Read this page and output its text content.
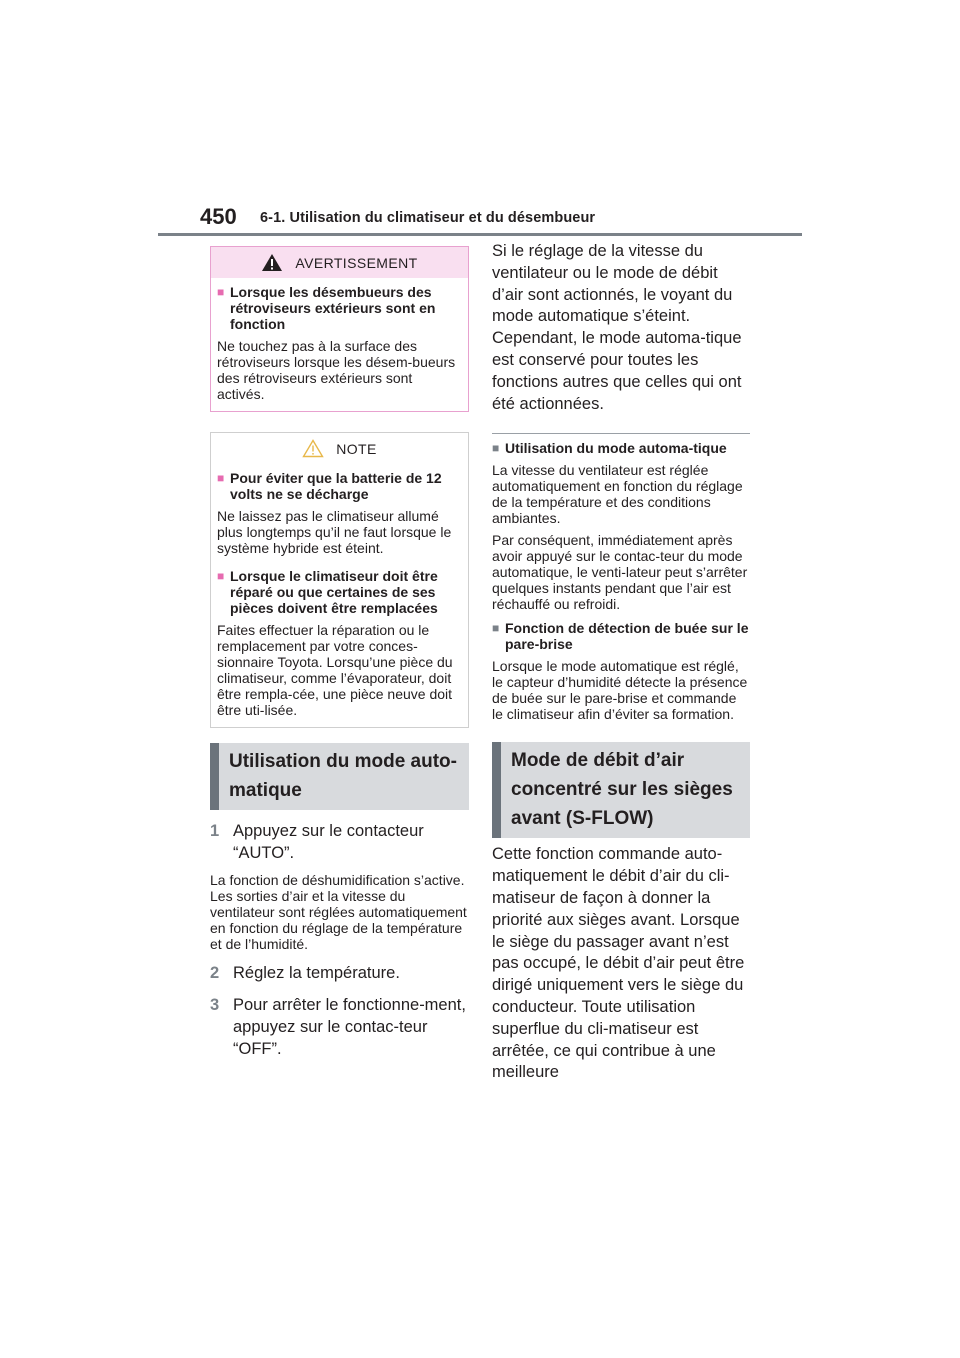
450 6-1. Utilisation du climatiseur et du désembueur
AVERTISSEMENT
■ Lorsque les désembueurs des rétroviseurs extérieurs sont en fonction
Ne touchez pas à la surface des rétroviseurs lorsque les désem-bueurs des rétroviseurs extérieurs sont activés.
NOTE
■ Pour éviter que la batterie de 12 volts ne se décharge
Ne laissez pas le climatiseur allumé plus longtemps qu’il ne faut lorsque le système hybride est éteint.
■ Lorsque le climatiseur doit être réparé ou que certaines de ses pièces doivent être remplacées
Faites effectuer la réparation ou le remplacement par votre conces-sionnaire Toyota. Lorsqu’une pièce du climatiseur, comme l’évaporateur, doit être rempla-cée, une pièce neuve doit être uti-lisée.
Utilisation du mode auto-matique
1 Appuyez sur le contacteur “AUTO”.
La fonction de déshumidification s’active. Les sorties d’air et la vitesse du ventilateur sont réglées automatiquement en fonction du réglage de la température et de l’humidité.
2 Réglez la température.
3 Pour arrêter le fonctionne-ment, appuyez sur le contac-teur “OFF”.
Si le réglage de la vitesse du ventilateur ou le mode de débit d’air sont actionnés, le voyant du mode automatique s’éteint. Cependant, le mode automa-tique est conservé pour toutes les fonctions autres que celles qui ont été actionnées.
■ Utilisation du mode automa-tique
La vitesse du ventilateur est réglée automatiquement en fonction du réglage de la température et des conditions ambiantes.
Par conséquent, immédiatement après avoir appuyé sur le contac-teur du mode automatique, le venti-lateur peut s’arrêter quelques instants pendant que l’air est réchauffé ou refroidi.
■ Fonction de détection de buée sur le pare-brise
Lorsque le mode automatique est réglé, le capteur d’humidité détecte la présence de buée sur le pare-brise et commande le climatiseur afin d’éviter sa formation.
Mode de débit d’air concentré sur les sièges avant (S-FLOW)
Cette fonction commande auto-matiquement le débit d’air du cli-matiseur de façon à donner la priorité aux sièges avant. Lorsque le siège du passager avant n’est pas occupé, le débit d’air peut être dirigé uniquement vers le siège du conducteur. Toute utilisation superflue du cli-matiseur est arrêtée, ce qui contribue à une meilleure
